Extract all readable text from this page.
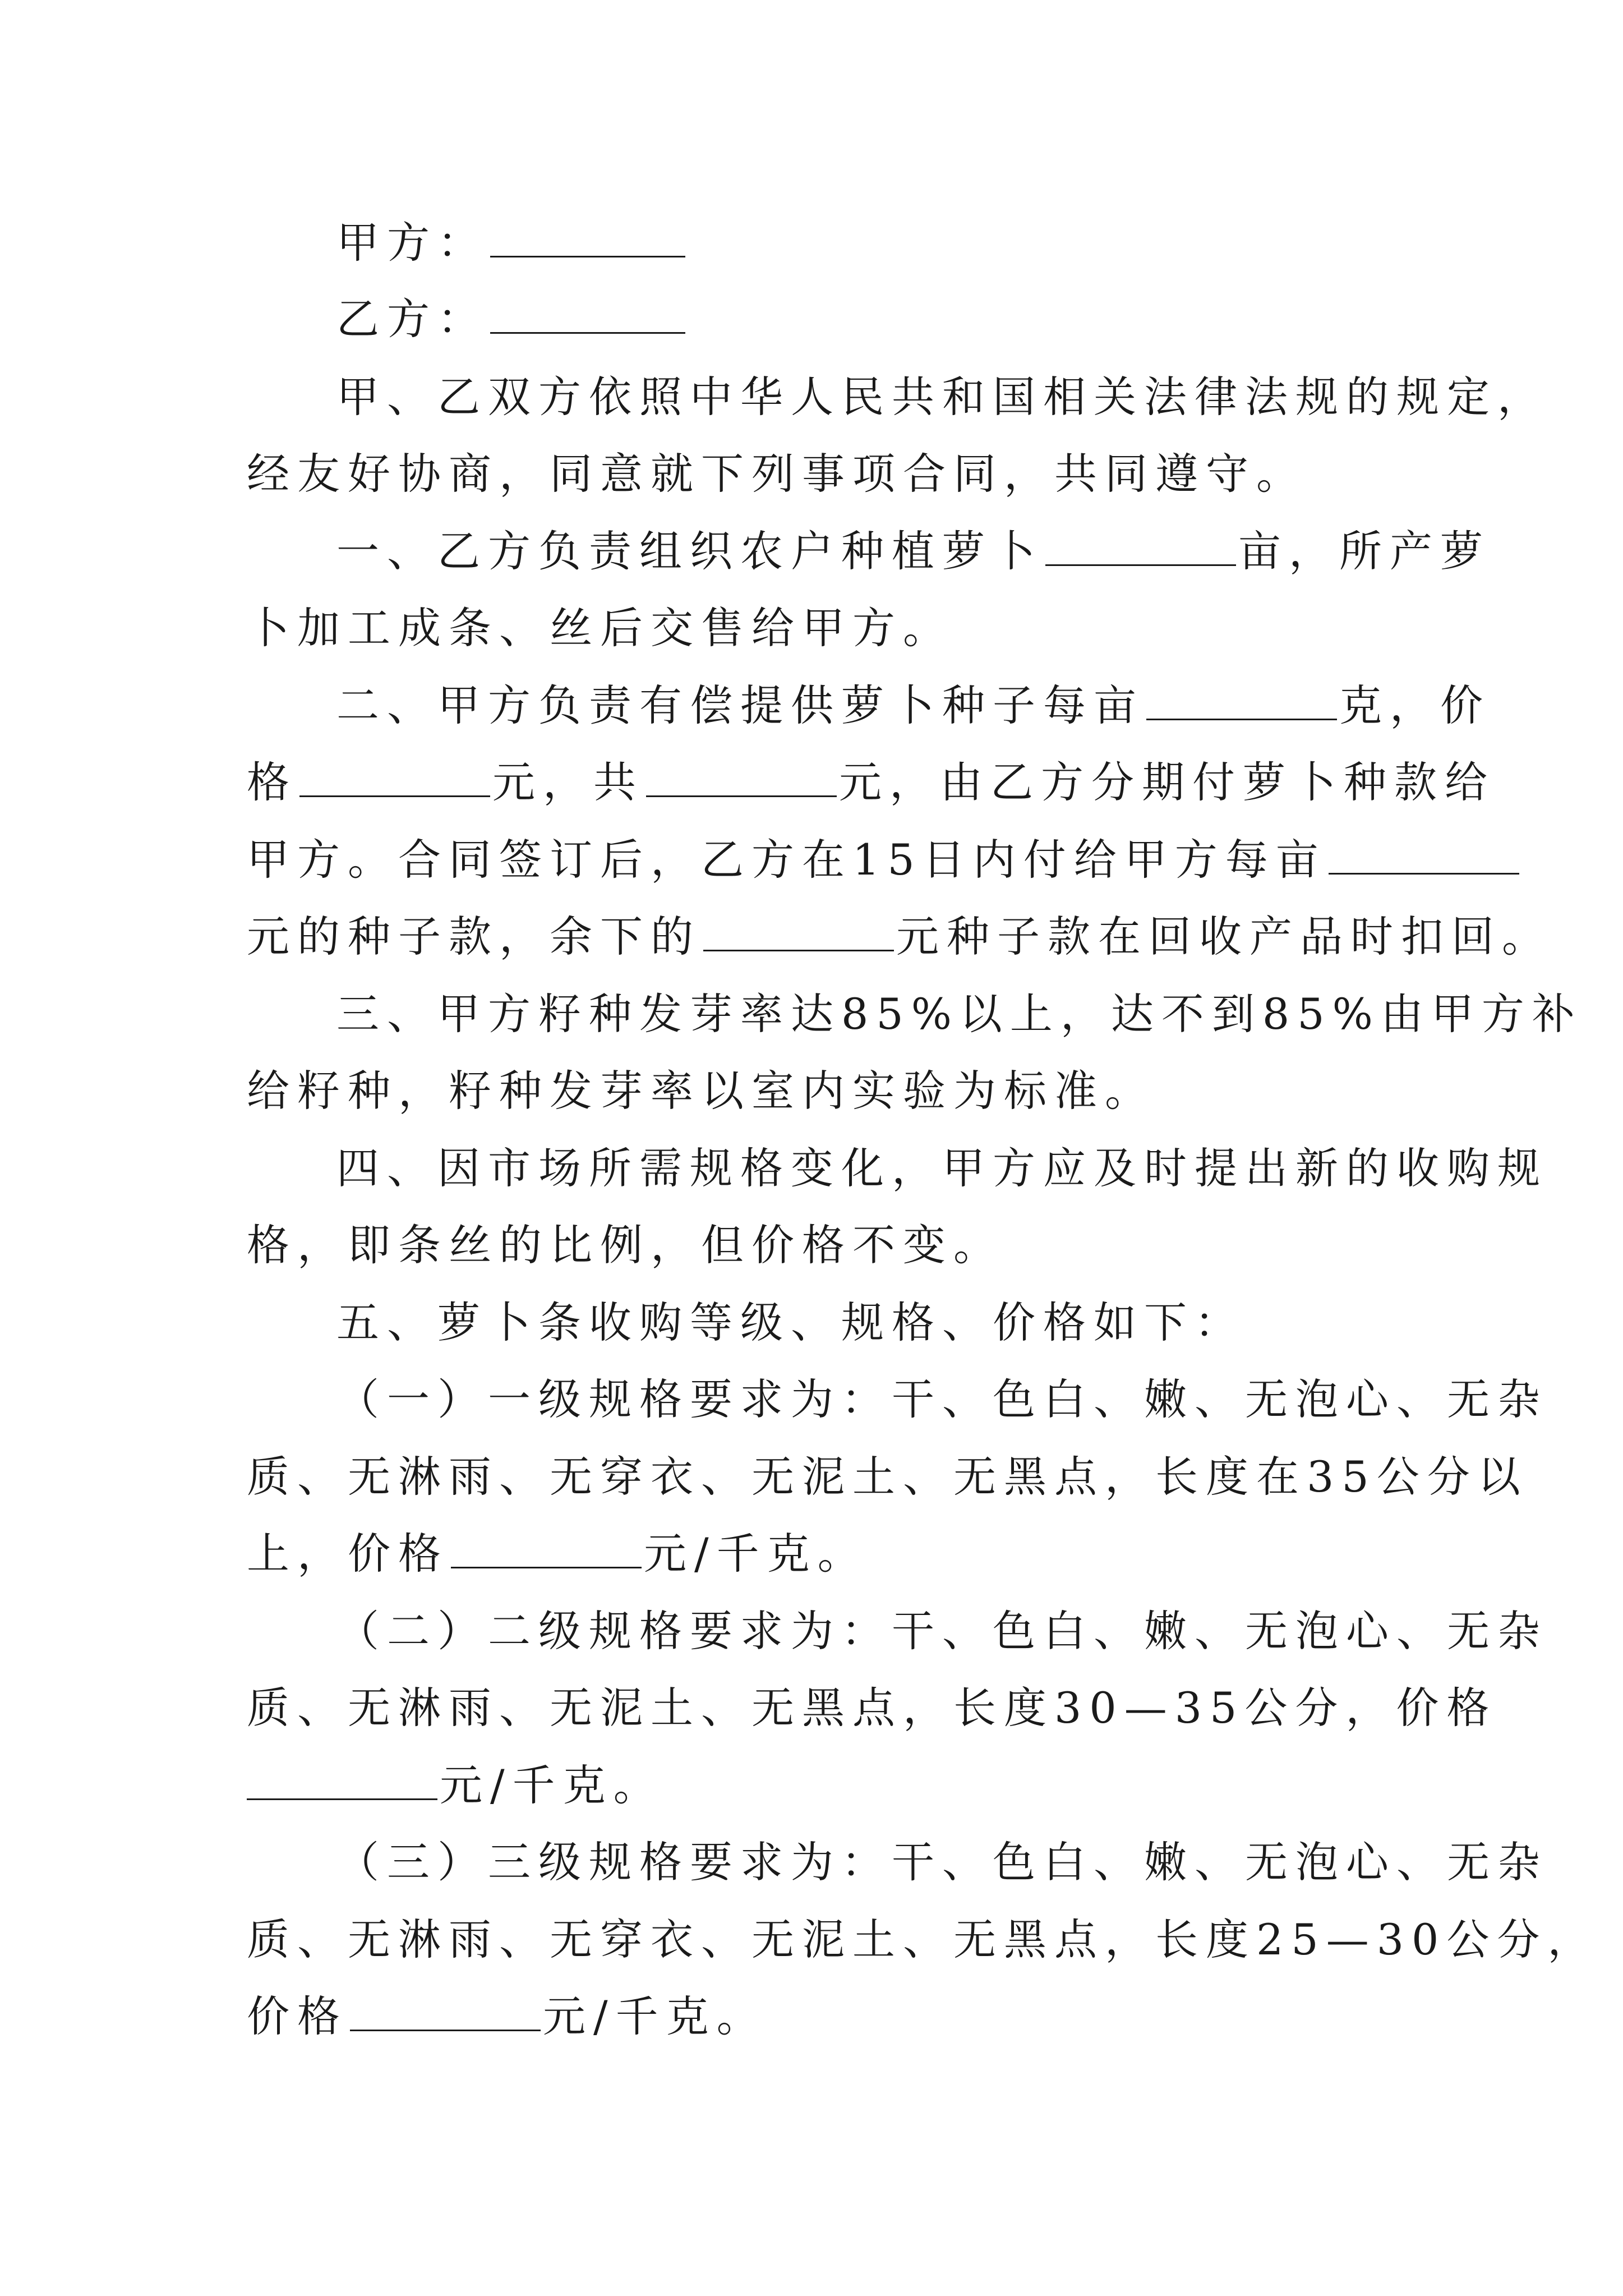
甲方：
乙方：
甲、乙双方依照中华人民共和国相关法律法规的规定，
经友好协商，同意就下列事项合同，共同遵守。
一、乙方负责组织农户种植萝卜	亩，所产萝
卜加工成条、丝后交售给甲方。
二、甲方负责有偿提供萝卜种子每亩	克，价
格	元，共	元，由乙方分期付萝卜种款给
甲方。合同签订后，乙方在15日内付给甲方每亩
元的种子款，余下的	元种子款在回收产品时扣回。
三、甲方籽种发芽率达85%以上，达不到85%由甲方补
给籽种，籽种发芽率以室内实验为标准。
四、因市场所需规格变化，甲方应及时提出新的收购规
格，即条丝的比例，但价格不变。
五、萝卜条收购等级、规格、价格如下：
（一）一级规格要求为：干、色白、嫩、无泡心、无杂
质、无淋雨、无穿衣、无泥土、无黑点，长度在35公分以
上，价格	元/千克。
（二）二级规格要求为：干、色白、嫩、无泡心、无杂
质、无淋雨、无泥土、无黑点，长度30—35公分，价格
元/千克。
（三）三级规格要求为：干、色白、嫩、无泡心、无杂
质、无淋雨、无穿衣、无泥土、无黑点，长度25—30公分，
价格	元/千克。
